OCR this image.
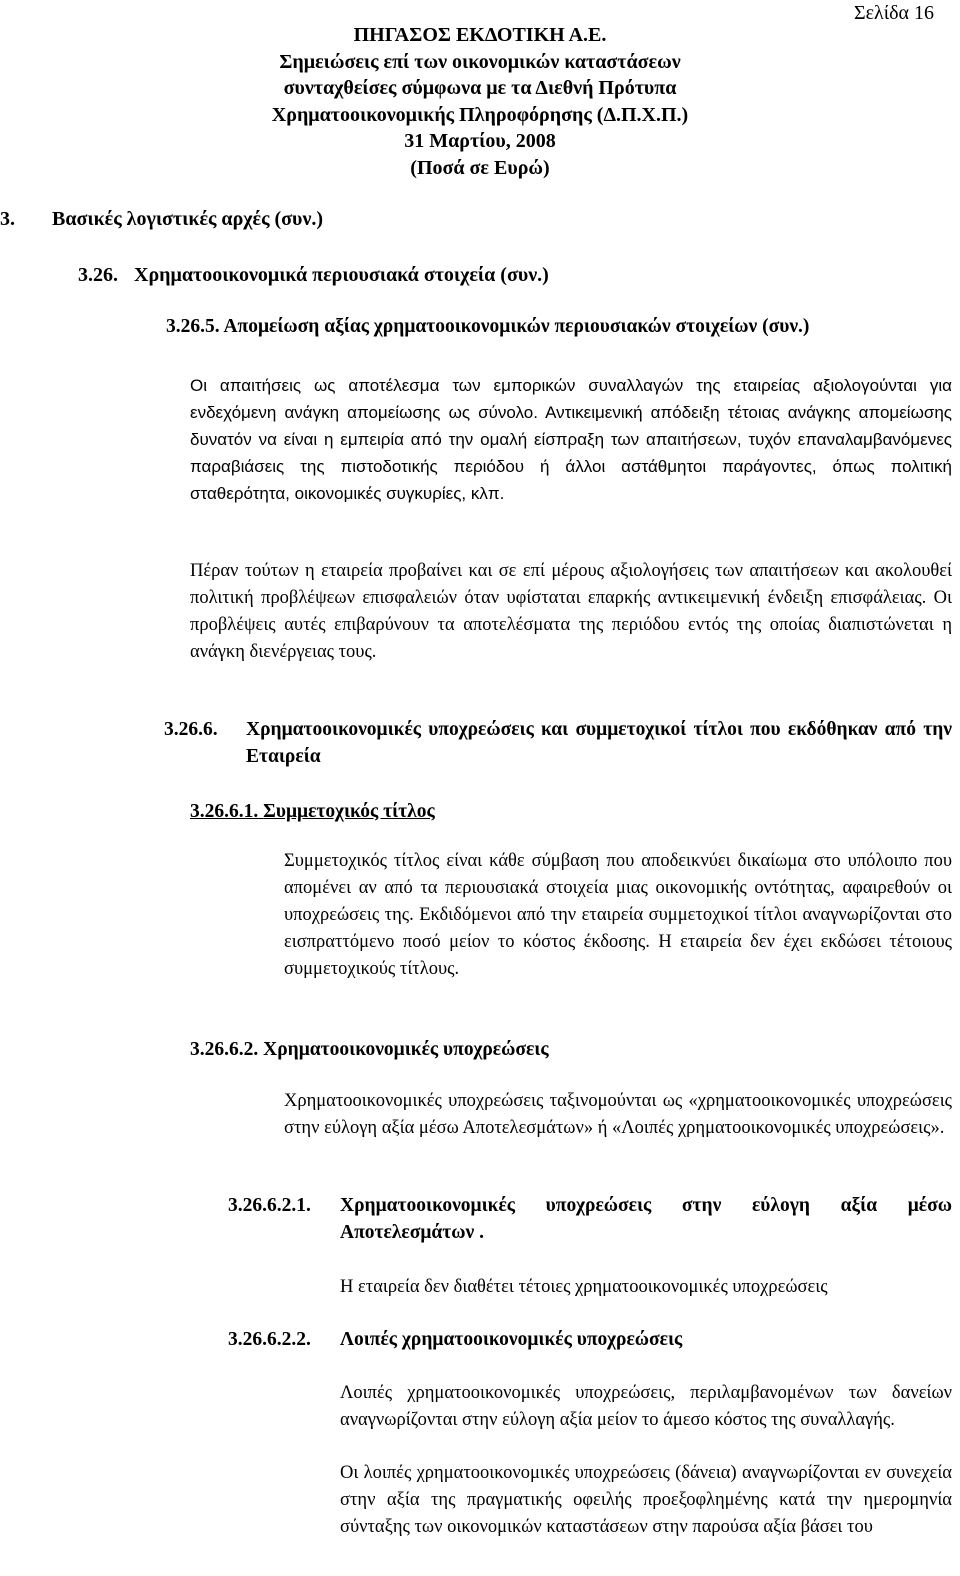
Σελίδα 16
ΠΗΓΑΣΟΣ ΕΚΔΟΤΙΚΗ Α.Ε.
Σημειώσεις επί των οικονομικών καταστάσεων
συνταχθείσες σύμφωνα με τα Διεθνή Πρότυπα
Χρηματοοικονομικής Πληροφόρησης (Δ.Π.Χ.Π.)
31 Μαρτίου, 2008
(Ποσά σε Ευρώ)
3. Βασικές λογιστικές αρχές (συν.)
3.26. Χρηματοοικονομικά περιουσιακά στοιχεία (συν.)
3.26.5. Απομείωση αξίας χρηματοοικονομικών περιουσιακών στοιχείων (συν.)

Οι απαιτήσεις ως αποτέλεσμα των εμπορικών συναλλαγών της εταιρείας αξιολογούνται για ενδεχόμενη ανάγκη απομείωσης ως σύνολο. Αντικειμενική απόδειξη τέτοιας ανάγκης απομείωσης δυνατόν να είναι η εμπειρία από την ομαλή είσπραξη των απαιτήσεων, τυχόν επαναλαμβανόμενες παραβιάσεις της πιστοδοτικής περιόδου ή άλλοι αστάθμητοι παράγοντες, όπως πολιτική σταθερότητα, οικονομικές συγκυρίες, κλπ.

Πέραν τούτων η εταιρεία προβαίνει και σε επί μέρους αξιολογήσεις των απαιτήσεων και ακολουθεί πολιτική προβλέψεων επισφαλειών όταν υφίσταται επαρκής αντικειμενική ένδειξη επισφάλειας. Οι προβλέψεις αυτές επιβαρύνουν τα αποτελέσματα της περιόδου εντός της οποίας διαπιστώνεται η ανάγκη διενέργειας τους.

3.26.6.	Χρηματοοικονομικές υποχρεώσεις και συμμετοχικοί τίτλοι που εκδόθηκαν από την Εταιρεία
3.26.6.1. Συμμετοχικός τίτλος

Συμμετοχικός τίτλος είναι κάθε σύμβαση που αποδεικνύει δικαίωμα στο υπόλοιπο που απομένει αν από τα περιουσιακά στοιχεία μιας οικονομικής οντότητας, αφαιρεθούν οι υποχρεώσεις της. Εκδιδόμενοι από την εταιρεία συμμετοχικοί τίτλοι αναγνωρίζονται στο εισπραττόμενο ποσό μείον το κόστος έκδοσης. Η εταιρεία δεν έχει εκδώσει τέτοιους συμμετοχικούς τίτλους.

3.26.6.2. Χρηματοοικονομικές υποχρεώσεις

Χρηματοοικονομικές υποχρεώσεις ταξινομούνται ως «χρηματοοικονομικές υποχρεώσεις στην εύλογη αξία μέσω Αποτελεσμάτων» ή «Λοιπές χρηματοοικονομικές υποχρεώσεις».

3.26.6.2.1.	Χρηματοοικονομικές υποχρεώσεις στην εύλογη αξία μέσω Αποτελεσμάτων .

Η εταιρεία δεν διαθέτει τέτοιες χρηματοοικονομικές υποχρεώσεις

3.26.6.2.2.	Λοιπές χρηματοοικονομικές υποχρεώσεις

Λοιπές χρηματοοικονομικές υποχρεώσεις, περιλαμβανομένων των δανείων αναγνωρίζονται στην εύλογη αξία μείον το άμεσο κόστος της συναλλαγής.

Οι λοιπές χρηματοοικονομικές υποχρεώσεις (δάνεια) αναγνωρίζονται εν συνεχεία στην αξία της πραγματικής οφειλής προεξοφλημένης κατά την ημερομηνία σύνταξης των οικονομικών καταστάσεων στην παρούσα αξία βάσει του
